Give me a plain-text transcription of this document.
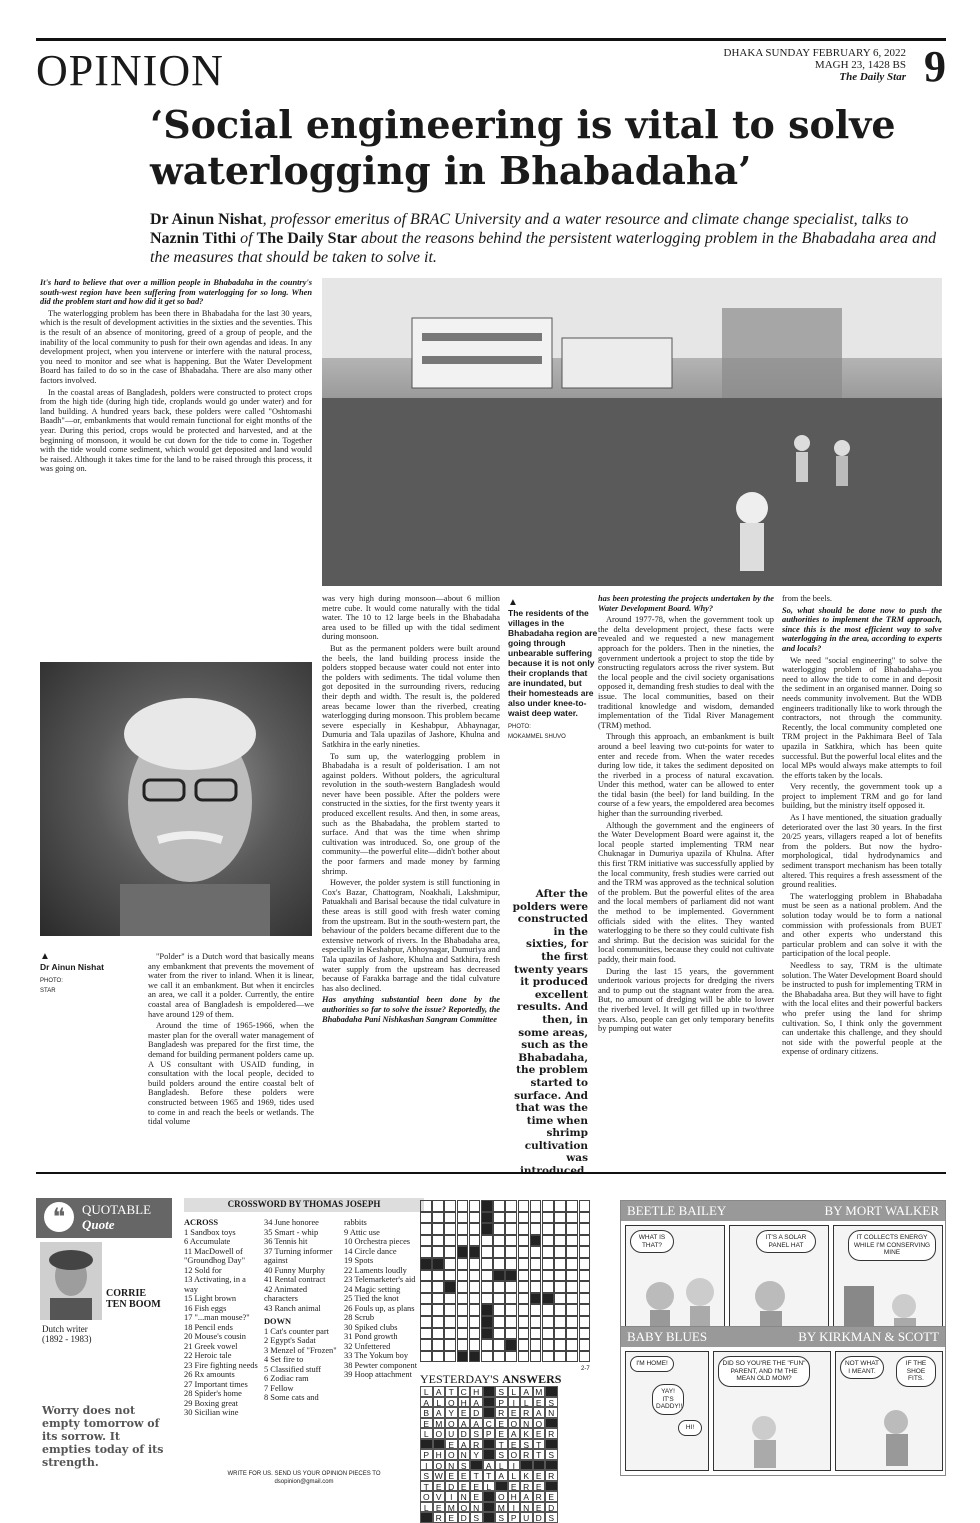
OPINION	DHAKA SUNDAY FEBRUARY 6, 2022
MAGH 23, 1428 BS
The Daily Star 9
‘Social engineering is vital to solve
waterlogging in Bhabadaha’
Dr Ainun Nishat, professor emeritus of BRAC University and a water resource and climate change specialist, talks to Naznin Tithi of The Daily Star about the reasons behind the persistent waterlogging problem in the Bhabadaha area and the measures that should be taken to solve it.

It's hard to believe that over a million people in Bhabadaha in the country's south-west region have been suffering from waterlogging for so long. When did the problem start and how did it get so bad?

The waterlogging problem has been there in Bhabadaha for the last 30 years, which is the result of development activities in the sixties and the seventies. This is the result of an absence of monitoring, greed of a group of people, and the inability of the local community to push for their own agendas and ideas. In any development project, when you intervene or interfere with the natural process, you need to monitor and see what is happening. But the Water Development Board has failed to do so in the case of Bhabadaha. There are also many other factors involved.

In the coastal areas of Bangladesh, polders were constructed to protect crops from the high tide (during high tide, croplands would go under water) and for land building. A hundred years back, these polders were called "Oshtomashi Baadh"—or, embankments that would remain functional for eight months of the year. During this period, crops would be protected and harvested, and at the beginning of monsoon, it would be cut down for the tide to come in. Together with the tide would come sediment, which would get deposited and land would be raised. Although it takes time for the land to be raised through this process, it was going on.

▲
The residents of the villages in the Bhabadaha region are going through unbearable suffering because it is not only their croplands that are inundated, but their homesteads are also under knee-to-waist deep water.
PHOTO:
MOKAMMEL SHUVO

was very high during monsoon—about 6 million metre cube. It would come naturally with the tidal water. The 10 to 12 large beels in the Bhabadaha area used to be filled up with the tidal sediment during monsoon.

But as the permanent polders were built around the beels, the land building process inside the polders stopped because water could not enter into the polders with sediments. The tidal volume then got deposited in the surrounding rivers, reducing their depth and width. The result is, the poldered areas became lower than the riverbed, creating waterlogging during monsoon. This problem became severe especially in Keshabpur, Abhaynagar, Dumuria and Tala upazilas of Jashore, Khulna and Satkhira in the early nineties.

To sum up, the waterlogging problem in Bhabadaha is a result of polderisation. I am not against polders. Without polders, the agricultural revolution in the south-western Bangladesh would never have been possible. After the polders were constructed in the sixties, for the first twenty years it produced excellent results. And then, in some areas, such as the Bhabadaha, the problem started to surface. And that was the time when shrimp cultivation was introduced. So, one group of the community—the powerful elite—didn't bother about the poor farmers and made money by farming shrimp.

However, the polder system is still functioning in Cox's Bazar, Chattogram, Noakhali, Lakshmipur, Patuakhali and Barisal because the tidal culvature in these areas is still good with fresh water coming from the upstream. But in the south-western part, the behaviour of the polders became different due to the extensive network of rivers. In the Bhabadaha area, especially in Keshabpur, Abhoynagar, Dumuriya and Tala upazilas of Jashore, Khulna and Satkhira, fresh water supply from the upstream has decreased because of Farakka barrage and the tidal culvature has also declined.

Has anything substantial been done by the authorities so far to solve the issue? Reportedly, the Bhabadaha Pani Nishkashan Sangram Committee

▲
Dr Ainun Nishat
PHOTO:
STAR

"Polder" is a Dutch word that basically means any embankment that prevents the movement of water from the river to inland. When it is linear, we call it an embankment. But when it encircles an area, we call it a polder. Currently, the entire coastal area of Bangladesh is empoldered—we have around 129 of them.

Around the time of 1965-1966, when the master plan for the overall water management of Bangladesh was prepared for the first time, the demand for building permanent polders came up. A US consultant with USAID funding, in consultation with the local people, decided to build polders around the entire coastal belt of Bangladesh. Before these polders were constructed between 1965 and 1969, tides used to come in and reach the beels or wetlands. The tidal volume

After the polders were constructed in the sixties, for the first twenty years it produced excellent results. And then, in some areas, such as the Bhabadaha, the problem started to surface. And that was the time when shrimp cultivation was

has been protesting the projects undertaken by the Water Development Board. Why?

Around 1977-78, when the government took up the delta development project, these facts were revealed and we requested a new management approach for the polders. Then in the nineties, the government undertook a project to stop the tide by constructing regulators across the river system. But the local people and the civil society organisations opposed it, demanding fresh studies to deal with the issue. The local communities, based on their traditional knowledge and wisdom, demanded implementation of the Tidal River Management (TRM) method.

Through this approach, an embankment is built around a beel leaving two cut-points for water to enter and recede from. When the water recedes during low tide, it takes the sediment deposited on the riverbed in a process of natural excavation. Under this method, water can be allowed to enter the tidal basin (the beel) for land building. In the course of a few years, the empoldered area becomes higher than the surrounding riverbed.

Although the government and the engineers of the Water Development Board were against it, the local people started implementing TRM near Chuknagar in Dumuriya upazila of Khulna. After this first TRM initiative was successfully applied by the local community, fresh studies were carried out and the TRM was approved as the technical solution of the problem. But the powerful elites of the area and the local members of parliament did not want the method to be implemented. Government officials sided with the elites. They wanted waterlogging to be there so they could cultivate fish and shrimp. But the decision was suicidal for the local communities, because they could not cultivate paddy, their main food.

During the last 15 years, the government undertook various projects for dredging the rivers and to pump out the stagnant water from the area. But, no amount of dredging will be able to lower the riverbed level. It will get filled up in two/three years. Also, people can get only temporary benefits by pumping out water

from the beels.

So, what should be done now to push the authorities to implement the TRM approach, since this is the most efficient way to solve waterlogging in the area, according to experts and locals?

We need "social engineering" to solve the waterlogging problem of Bhabadaha—you need to allow the tide to come in and deposit the sediment in an organised manner. Doing so needs community involvement. But the WDB engineers traditionally like to work through the contractors, not through the community. Recently, the local community completed one TRM project in the Pakhimara Beel of Tala upazila in Satkhira, which has been quite successful. But the powerful local elites and the local MPs would always make attempts to foil the efforts taken by the locals.

Very recently, the government took up a project to implement TRM and go for land building, but the ministry itself opposed it.

As I have mentioned, the situation gradually deteriorated over the last 30 years. In the first 20/25 years, villagers reaped a lot of benefits from the polders. But now the hydro-morphological, tidal hydrodynamics and sediment transport mechanism has been totally altered. This requires a fresh assessment of the ground realities.

The waterlogging problem in Bhabadaha must be seen as a national problem. And the solution today would be to form a national commission with professionals from BUET and other experts who understand this particular problem and can solve it with the participation of the local people.

Needless to say, TRM is the ultimate solution. The Water Development Board should be instructed to push for implementing TRM in the Bhabadaha area. But they will have to fight with the local elites and their powerful backers who prefer using the land for shrimp cultivation. So, I think only the government can undertake this challenge, and they should not side with the powerful people at the expense of ordinary citizens.

❝	QUOTABLE
Quote
CORRIE
TEN BOOM
Dutch writer
(1892 - 1983)
Worry does not empty tomorrow of its sorrow. It empties today of its strength.
CROSSWORD BY THOMAS JOSEPH
ACROSS
1 Sandbox toys
6 Accumulate
11 MacDowell of "Groundhog Day"
12 Sold for
13 Activating, in a way
15 Light brown
16 Fish eggs
17 "...man mouse?"
18 Pencil ends
20 Mouse's cousin
21 Greek vowel
22 Heroic tale
23 Fire fighting needs
26 Rx amounts
27 Important times
28 Spider's home
29 Boxing great
30 Sicilian wine
34 June honoree
35 Smart - whip
36 Tennis hit
37 Turning informer against
40 Funny Murphy
41 Rental contract
42 Animated characters
43 Ranch animal
DOWN
1 Cat's counter part
2 Egypt's Sadat
3 Menzel of "Frozen"
4 Set fire to
5 Classified stuff
6 Zodiac ram
7 Fellow
8 Some cats and
rabbits
9 Attic use
10 Orchestra pieces
14 Circle dance
19 Spots
22 Laments loudly
23 Telemarketer's aid
24 Magic setting
25 Tied the knot
26 Fouls up, as plans
28 Scrub
30 Spiked clubs
31 Pond growth
32 Unfettered
33 The Yokum boy
38 Pewter component
39 Hoop attachment
2-7
YESTERDAY'S ANSWERS
L A T C H	S L A M
A L O H A	P I	L E S
B A Y E D	R E R A N
E M O A A C E O N O
L O U D S P E A K E R
E A R	T E S T
P H O N Y	S O R T S
I O N S	A L	I
S W E E T T A L K E R
T E D E E L	E R E
O V I N E	O H A R E
L E M O N	M I N E D
R E D S	S P U D S
WRITE FOR US. SEND US YOUR OPINION PIECES TO
dsopinion@gmail.com
BEETLE BAILEY	BY MORT WALKER
WHAT IS THAT?
IT'S A SOLAR PANEL HAT
IT COLLECTS ENERGY WHILE I'M CONSERVING MINE
BABY BLUES	BY KIRKMAN & SCOTT
I'M HOME!
YAY! IT'S DADDY!!
HI!
DID SO YOU'RE THE "FUN" PARENT, AND I'M THE MEAN OLD MOM?
NOT WHAT I MEANT.
IF THE SHOE FITS.
